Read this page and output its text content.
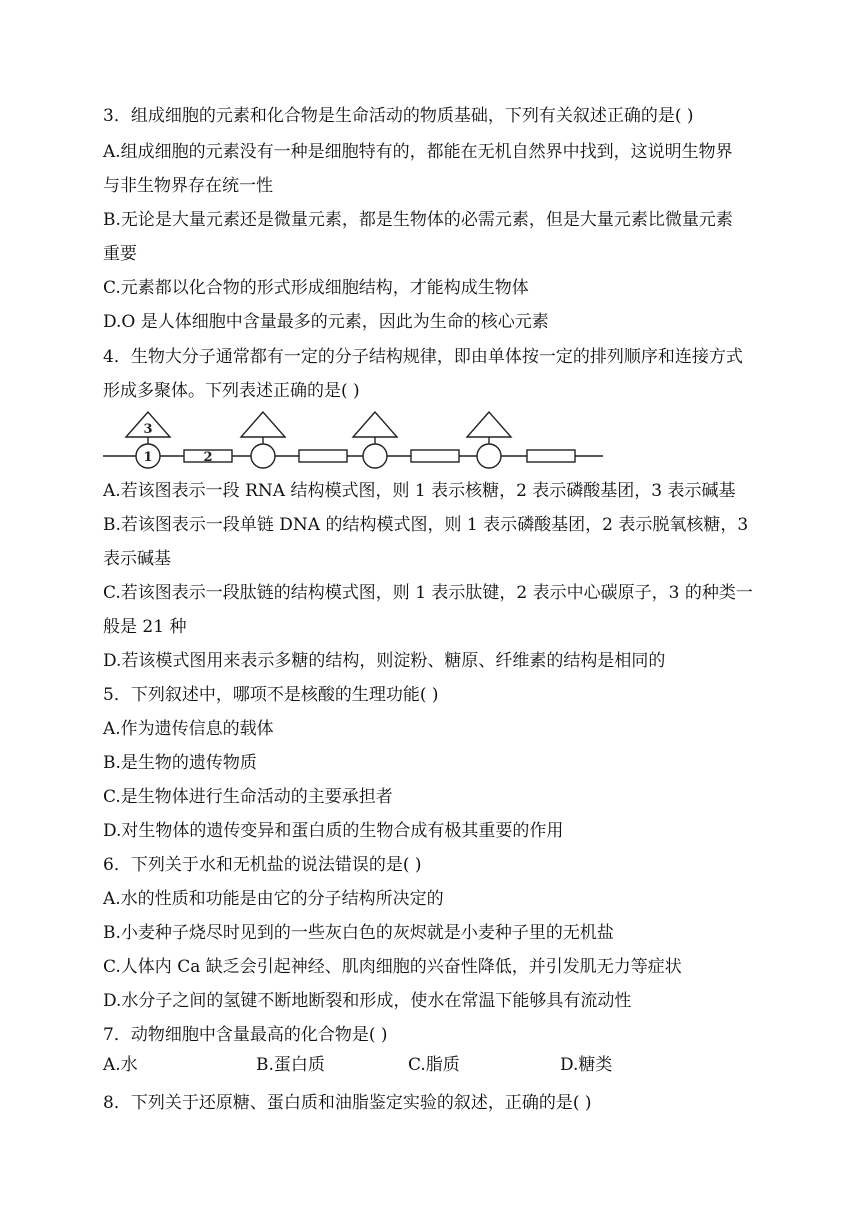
3．组成细胞的元素和化合物是生命活动的物质基础，下列有关叙述正确的是( )
A.组成细胞的元素没有一种是细胞特有的，都能在无机自然界中找到，这说明生物界
与非生物界存在统一性
B.无论是大量元素还是微量元素，都是生物体的必需元素，但是大量元素比微量元素
重要
C.元素都以化合物的形式形成细胞结构，才能构成生物体
D.O 是人体细胞中含量最多的元素，因此为生命的核心元素
4．生物大分子通常都有一定的分子结构规律，即由单体按一定的排列顺序和连接方式
形成多聚体。下列表述正确的是( )
3
1	2
A.若该图表示一段 RNA 结构模式图，则 1 表示核糖，2 表示磷酸基团，3 表示碱基
B.若该图表示一段单链 DNA 的结构模式图，则 1 表示磷酸基团，2 表示脱氧核糖，3
表示碱基
C.若该图表示一段肽链的结构模式图，则 1 表示肽键，2 表示中心碳原子，3 的种类一
般是 21 种
D.若该模式图用来表示多糖的结构，则淀粉、糖原、纤维素的结构是相同的
5．下列叙述中，哪项不是核酸的生理功能( )
A.作为遗传信息的载体
B.是生物的遗传物质
C.是生物体进行生命活动的主要承担者
D.对生物体的遗传变异和蛋白质的生物合成有极其重要的作用
6．下列关于水和无机盐的说法错误的是( )
A.水的性质和功能是由它的分子结构所决定的
B.小麦种子烧尽时见到的一些灰白色的灰烬就是小麦种子里的无机盐
C.人体内 Ca 缺乏会引起神经、肌肉细胞的兴奋性降低，并引发肌无力等症状
D.水分子之间的氢键不断地断裂和形成，使水在常温下能够具有流动性
7．动物细胞中含量最高的化合物是( )
A.水	B.蛋白质	C.脂质	D.糖类
8．下列关于还原糖、蛋白质和油脂鉴定实验的叙述，正确的是( )
